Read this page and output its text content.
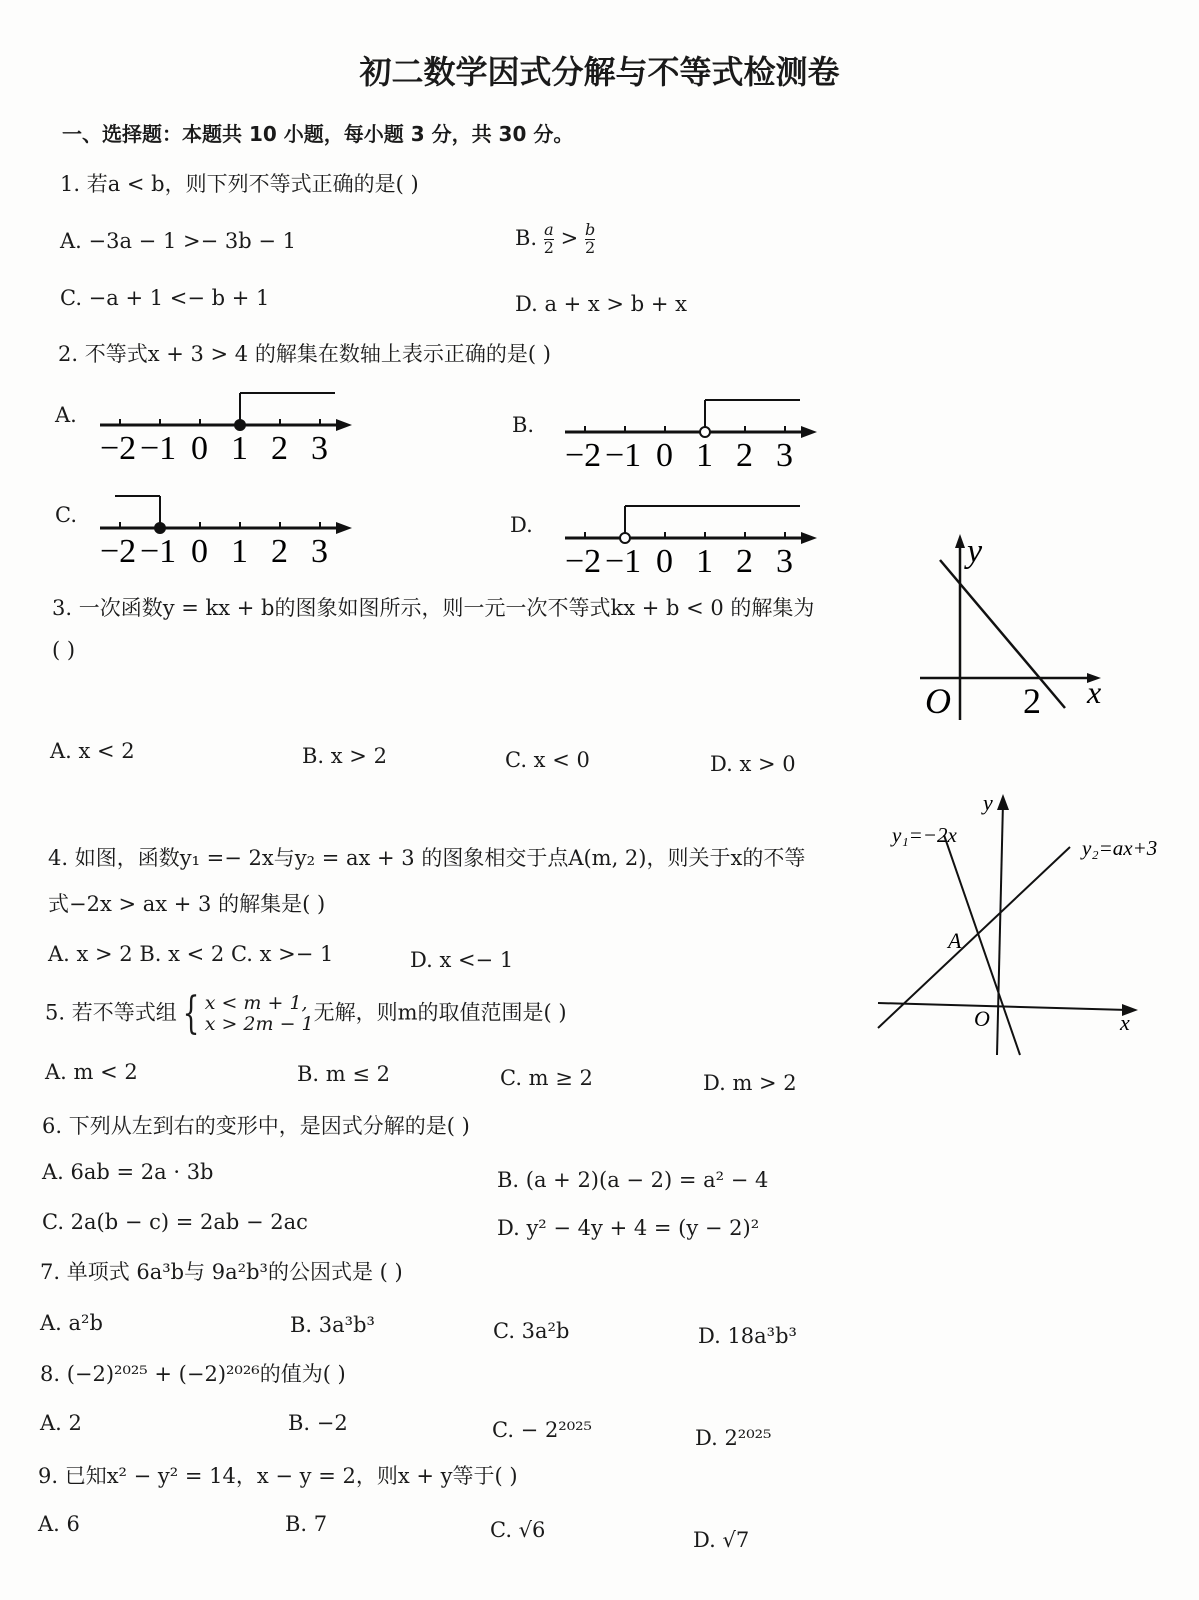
初二数学因式分解与不等式检测卷
一、选择题：本题共 10 小题，每小题 3 分，共 30 分。
1. 若a < b，则下列不等式正确的是( )
A. −3a − 1 >− 3b − 1	B. $\frac{a}{2} > \frac{b}{2}$
C. −a + 1 <− b + 1	D. a + x > b + x
2. 不等式x + 3 > 4 的解集在数轴上表示正确的是( )
3. 一次函数y = kx + b的图象如图所示，则一元一次不等式kx + b < 0 的解集为
( )
y
x
O 2
A. x < 2	B. x > 2	C. x < 0	D. x > 0
4. 如图，函数y₁ =− 2x与y₂ = ax + 3 的图象相交于点A(m, 2)，则关于x的不等
式−2x > ax + 3 的解集是( )
A. x > 2 B. x < 2 C. x >− 1	D. x <− 1
y
x
O
A
y₁=−2x
y₂=ax+3
5. 若不等式组 { x < m + 1,
x > 2m − 1 无解，则m的取值范围是( )
A. m < 2	B. m ≤ 2	C. m ≥ 2	D. m > 2
6. 下列从左到右的变形中，是因式分解的是( )
A. 6ab = 2a · 3b	B. (a + 2)(a − 2) = a² − 4
C. 2a(b − c) = 2ab − 2ac	D. y² − 4y + 4 = (y − 2)²
7. 单项式 6a³b与 9a²b³的公因式是 ( )
A. a²b	B. 3a³b³	C. 3a²b	D. 18a³b³
8. (−2)²⁰²⁵ + (−2)²⁰²⁶的值为( )
A. 2	B. −2	C. − 2²⁰²⁵	D. 2²⁰²⁵
9. 已知x² − y² = 14，x − y = 2，则x + y等于( )
A. 6	B. 7	C. √6	D. √7
A.
−2 −1 0 1 2 3
B.
−2 −1 0 1 2 3
C.
−2 −1 0 1 2 3
D.
−2 −1 0 1 2 3
